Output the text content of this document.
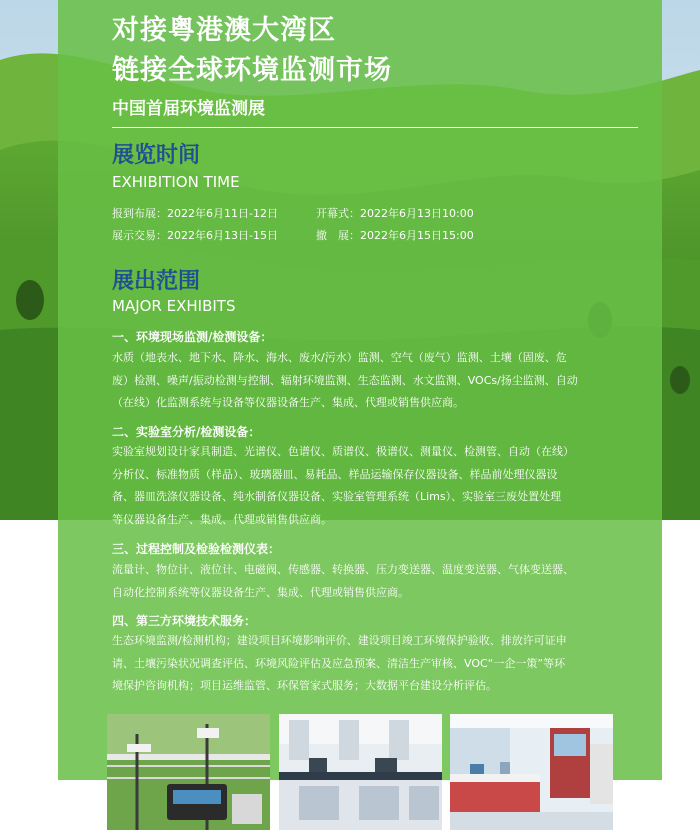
对接粤港澳大湾区
链接全球环境监测市场
中国首届环境监测展
展览时间
EXHIBITION TIME
报到布展：2022年6月11日-12日	开幕式：2022年6月13日10:00
展示交易：2022年6月13日-15日	撤　展：2022年6月15日15:00
展出范围
MAJOR EXHIBITS
一、环境现场监测/检测设备：
水质（地表水、地下水、降水、海水、废水/污水）监测、空气（废气）监测、土壤（固废、危
废）检测、噪声/振动检测与控制、辐射环境监测、生态监测、水文监测、VOCs/扬尘监测、自动
（在线）化监测系统与设备等仪器设备生产、集成、代理或销售供应商。
二、实验室分析/检测设备：
实验室规划设计家具制造、光谱仪、色谱仪、质谱仪、极谱仪、测量仪、检测管、自动（在线）
分析仪、标准物质（样品）、玻璃器皿、易耗品、样品运输保存仪器设备、样品前处理仪器设
备、器皿洗涤仪器设备、纯水制备仪器设备、实验室管理系统（Lims）、实验室三废处置处理
等仪器设备生产、集成、代理或销售供应商。
三、过程控制及检验检测仪表：
流量计、物位计、液位计、电磁阀、传感器、转换器、压力变送器、温度变送器、气体变送器、
自动化控制系统等仪器设备生产、集成、代理或销售供应商。
四、第三方环境技术服务：
生态环境监测/检测机构；建设项目环境影响评价、建设项目竣工环境保护验收、排放许可证申
请、土壤污染状况调查评估、环境风险评估及应急预案、清洁生产审核、VOC“一企一策”等环
境保护咨询机构；项目运维监管、环保管家式服务；大数据平台建设分析评估。
